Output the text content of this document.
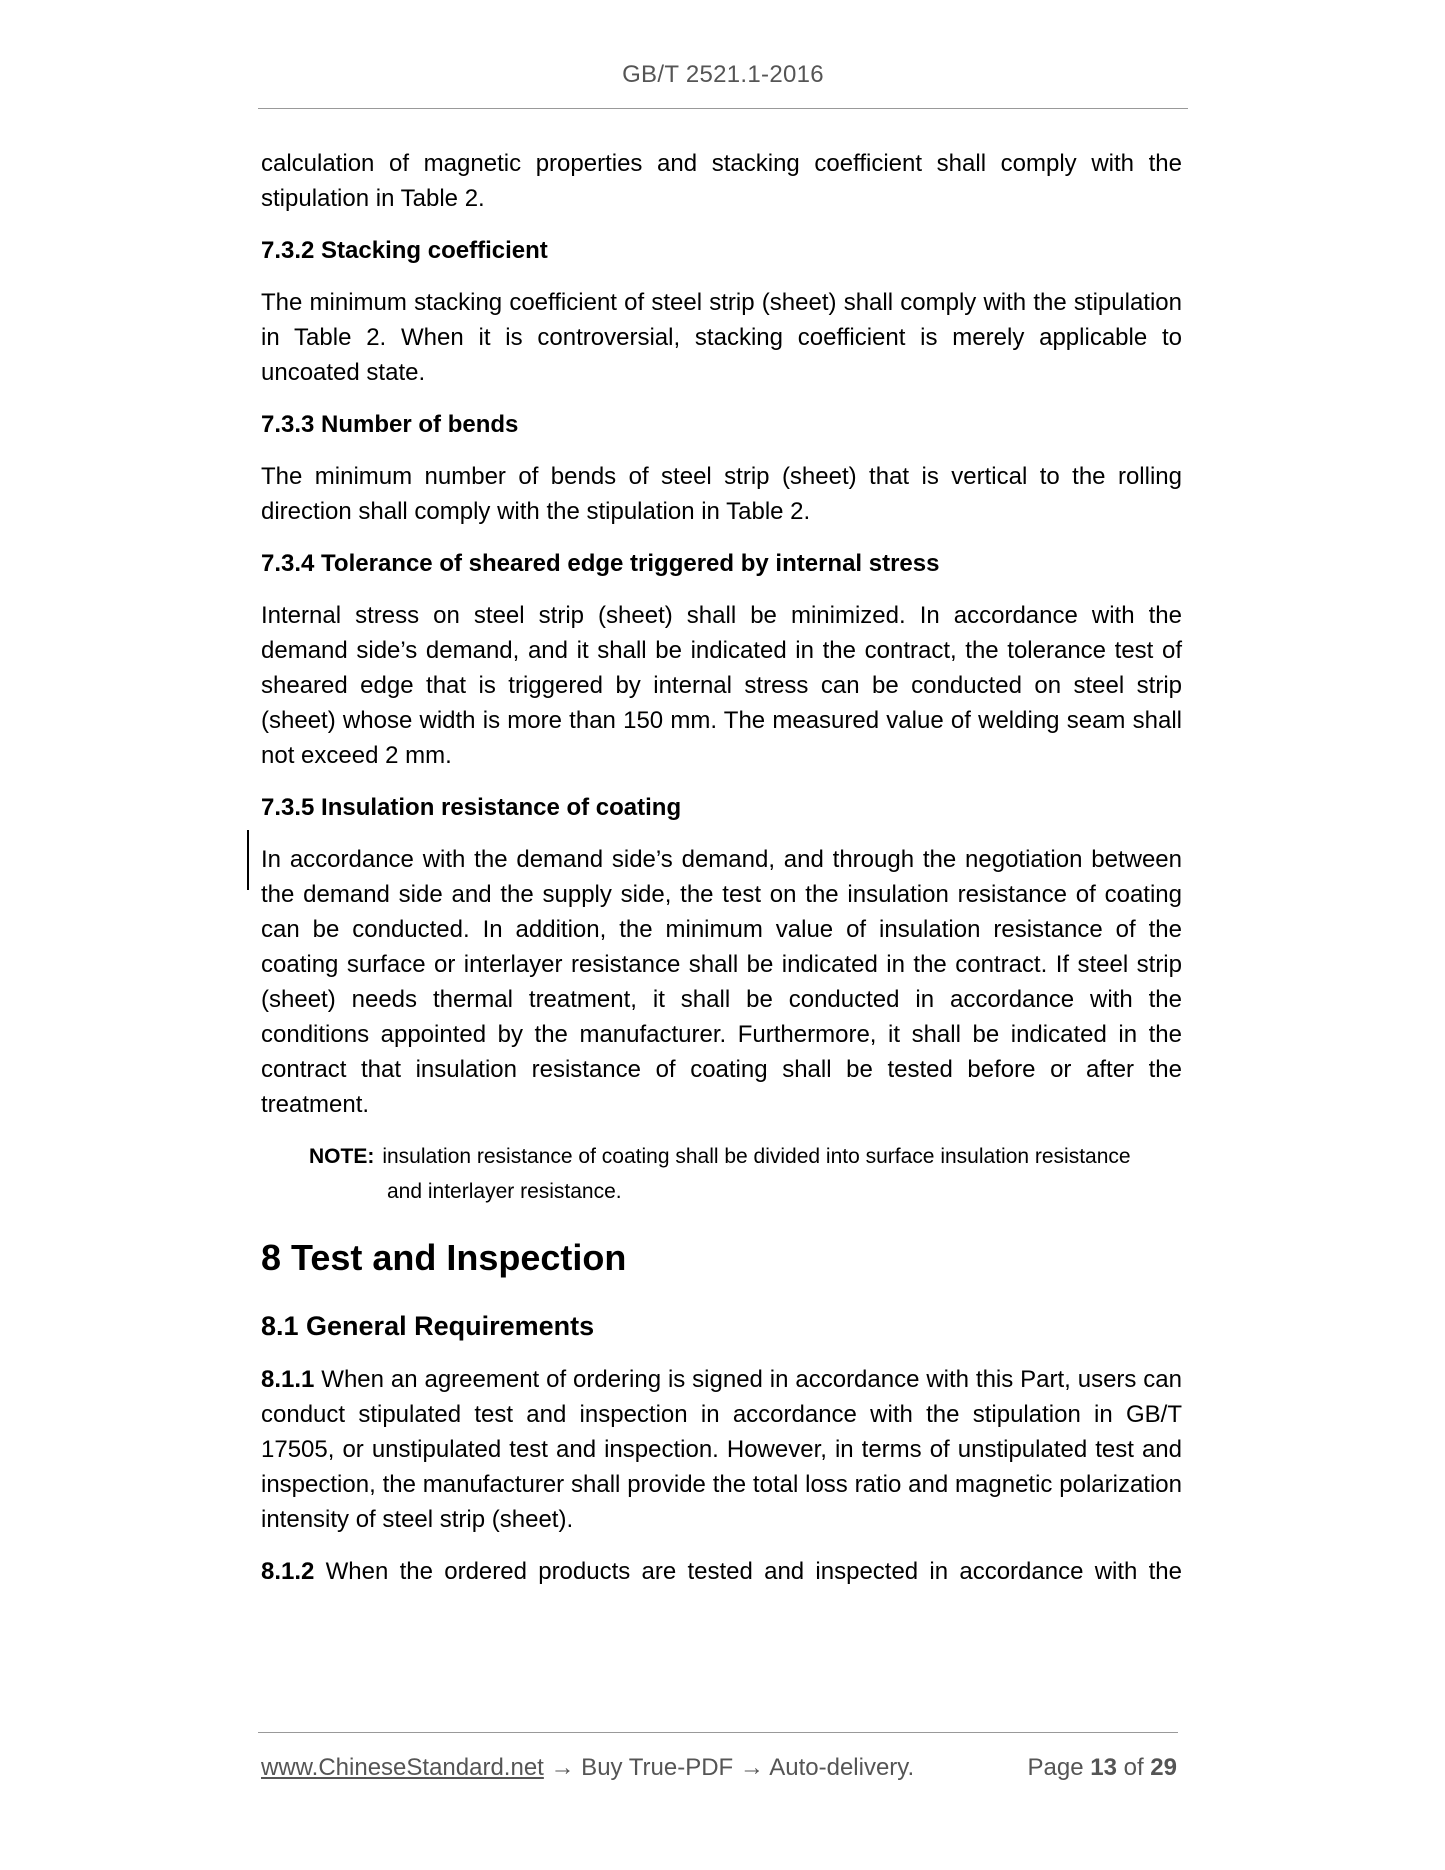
GB/T 2521.1-2016

calculation of magnetic properties and stacking coefficient shall comply with the stipulation in Table 2.

7.3.2 Stacking coefficient

The minimum stacking coefficient of steel strip (sheet) shall comply with the stipulation in Table 2. When it is controversial, stacking coefficient is merely applicable to uncoated state.

7.3.3 Number of bends

The minimum number of bends of steel strip (sheet) that is vertical to the rolling direction shall comply with the stipulation in Table 2.

7.3.4 Tolerance of sheared edge triggered by internal stress

Internal stress on steel strip (sheet) shall be minimized. In accordance with the demand side’s demand, and it shall be indicated in the contract, the tolerance test of sheared edge that is triggered by internal stress can be conducted on steel strip (sheet) whose width is more than 150 mm. The measured value of welding seam shall not exceed 2 mm.

7.3.5 Insulation resistance of coating

In accordance with the demand side’s demand, and through the negotiation between the demand side and the supply side, the test on the insulation resistance of coating can be conducted. In addition, the minimum value of insulation resistance of the coating surface or interlayer resistance shall be indicated in the contract. If steel strip (sheet) needs thermal treatment, it shall be conducted in accordance with the conditions appointed by the manufacturer. Furthermore, it shall be indicated in the contract that insulation resistance of coating shall be tested before or after the treatment.

NOTE: insulation resistance of coating shall be divided into surface insulation resistance
and interlayer resistance.
8 Test and Inspection
8.1 General Requirements

8.1.1 When an agreement of ordering is signed in accordance with this Part, users can conduct stipulated test and inspection in accordance with the stipulation in GB/T 17505, or unstipulated test and inspection. However, in terms of unstipulated test and inspection, the manufacturer shall provide the total loss ratio and magnetic polarization intensity of steel strip (sheet).

8.1.2 When the ordered products are tested and inspected in accordance with the

www.ChineseStandard.net → Buy True-PDF → Auto-delivery.	Page 13 of 29
